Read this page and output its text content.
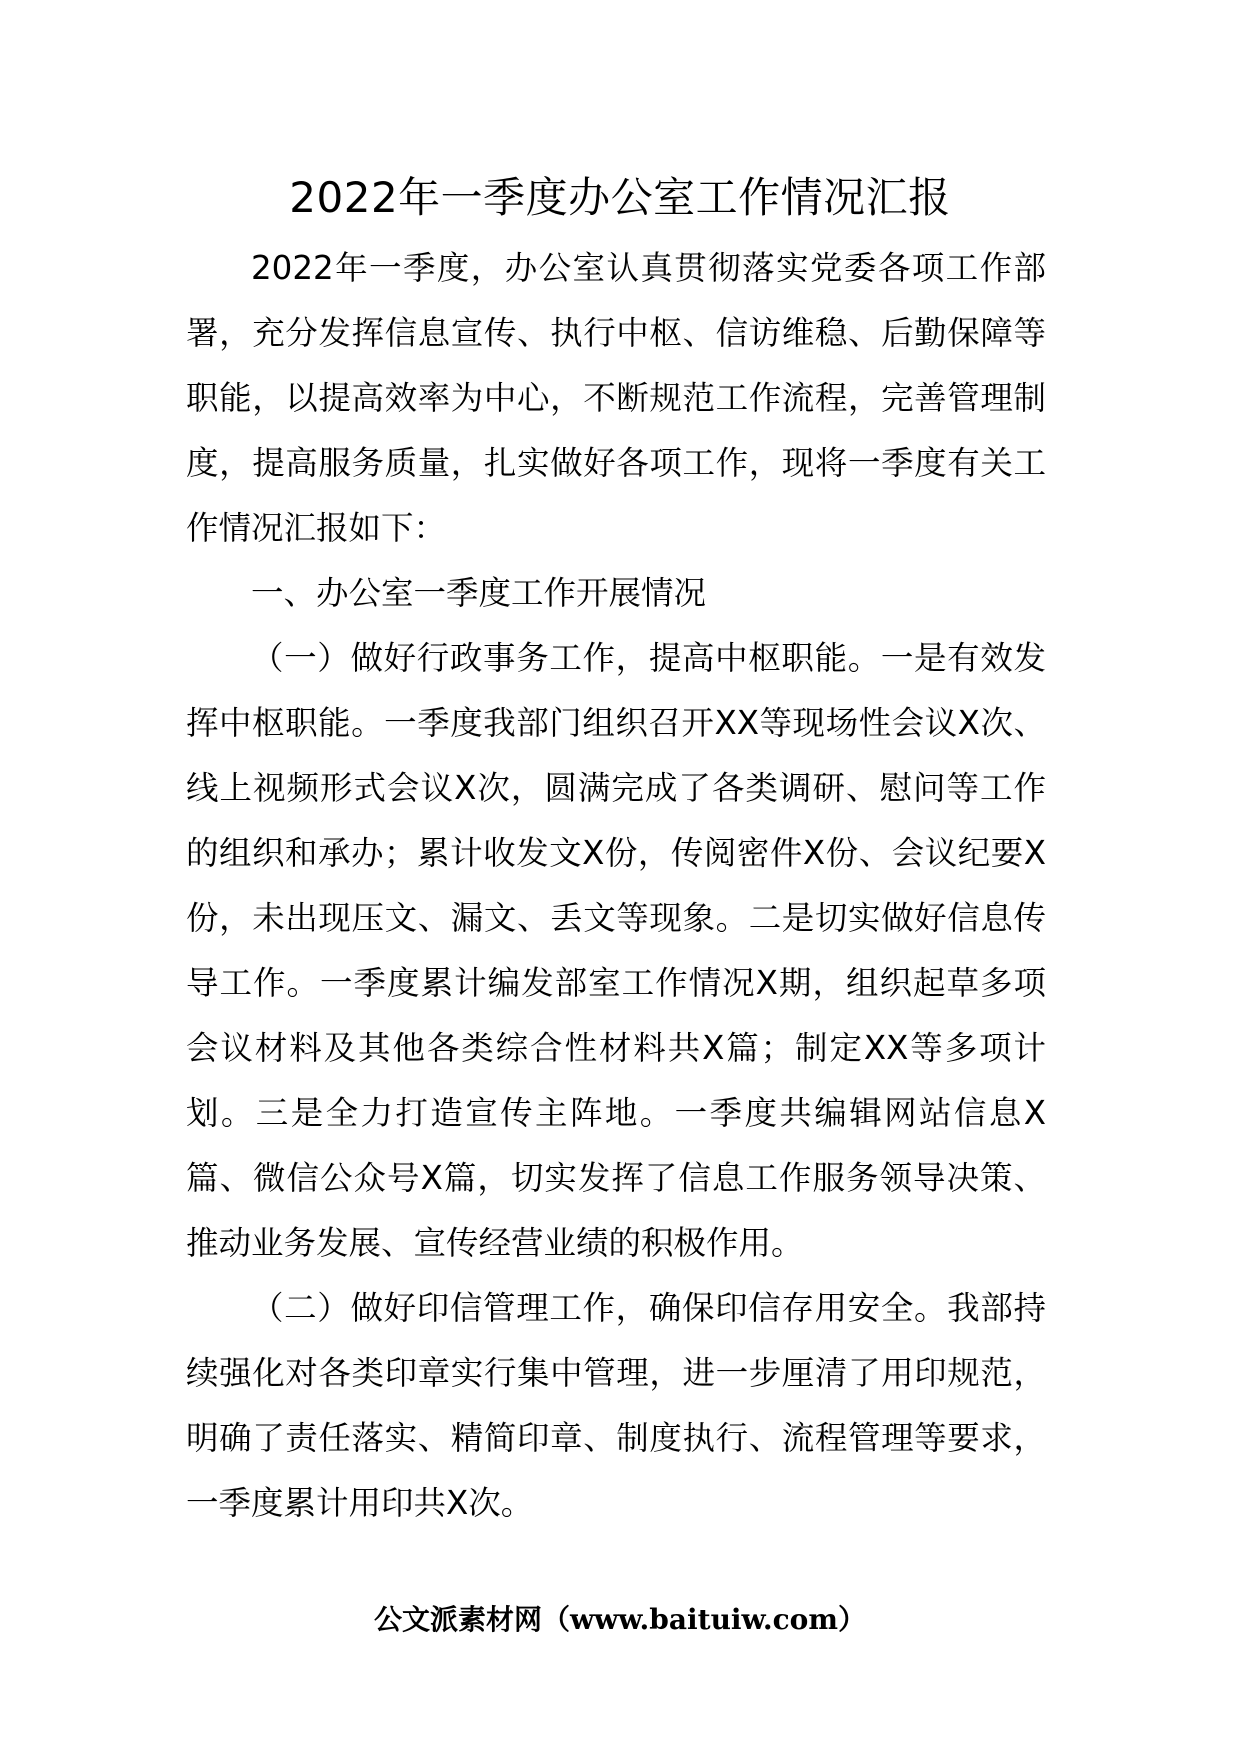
2022年一季度办公室工作情况汇报

2022年一季度，办公室认真贯彻落实党委各项工作部署，充分发挥信息宣传、执行中枢、信访维稳、后勤保障等职能，以提高效率为中心，不断规范工作流程，完善管理制度，提高服务质量，扎实做好各项工作，现将一季度有关工作情况汇报如下：

一、办公室一季度工作开展情况

（一）做好行政事务工作，提高中枢职能。一是有效发挥中枢职能。一季度我部门组织召开XX等现场性会议X次、线上视频形式会议X次，圆满完成了各类调研、慰问等工作的组织和承办；累计收发文X份，传阅密件X份、会议纪要X份，未出现压文、漏文、丢文等现象。二是切实做好信息传导工作。一季度累计编发部室工作情况X期，组织起草多项会议材料及其他各类综合性材料共X篇；制定XX等多项计划。三是全力打造宣传主阵地。一季度共编辑网站信息X篇、微信公众号X篇，切实发挥了信息工作服务领导决策、推动业务发展、宣传经营业绩的积极作用。

（二）做好印信管理工作，确保印信存用安全。我部持续强化对各类印章实行集中管理，进一步厘清了用印规范，明确了责任落实、精简印章、制度执行、流程管理等要求，一季度累计用印共X次。

公文派素材网（www.baituiw.com）
